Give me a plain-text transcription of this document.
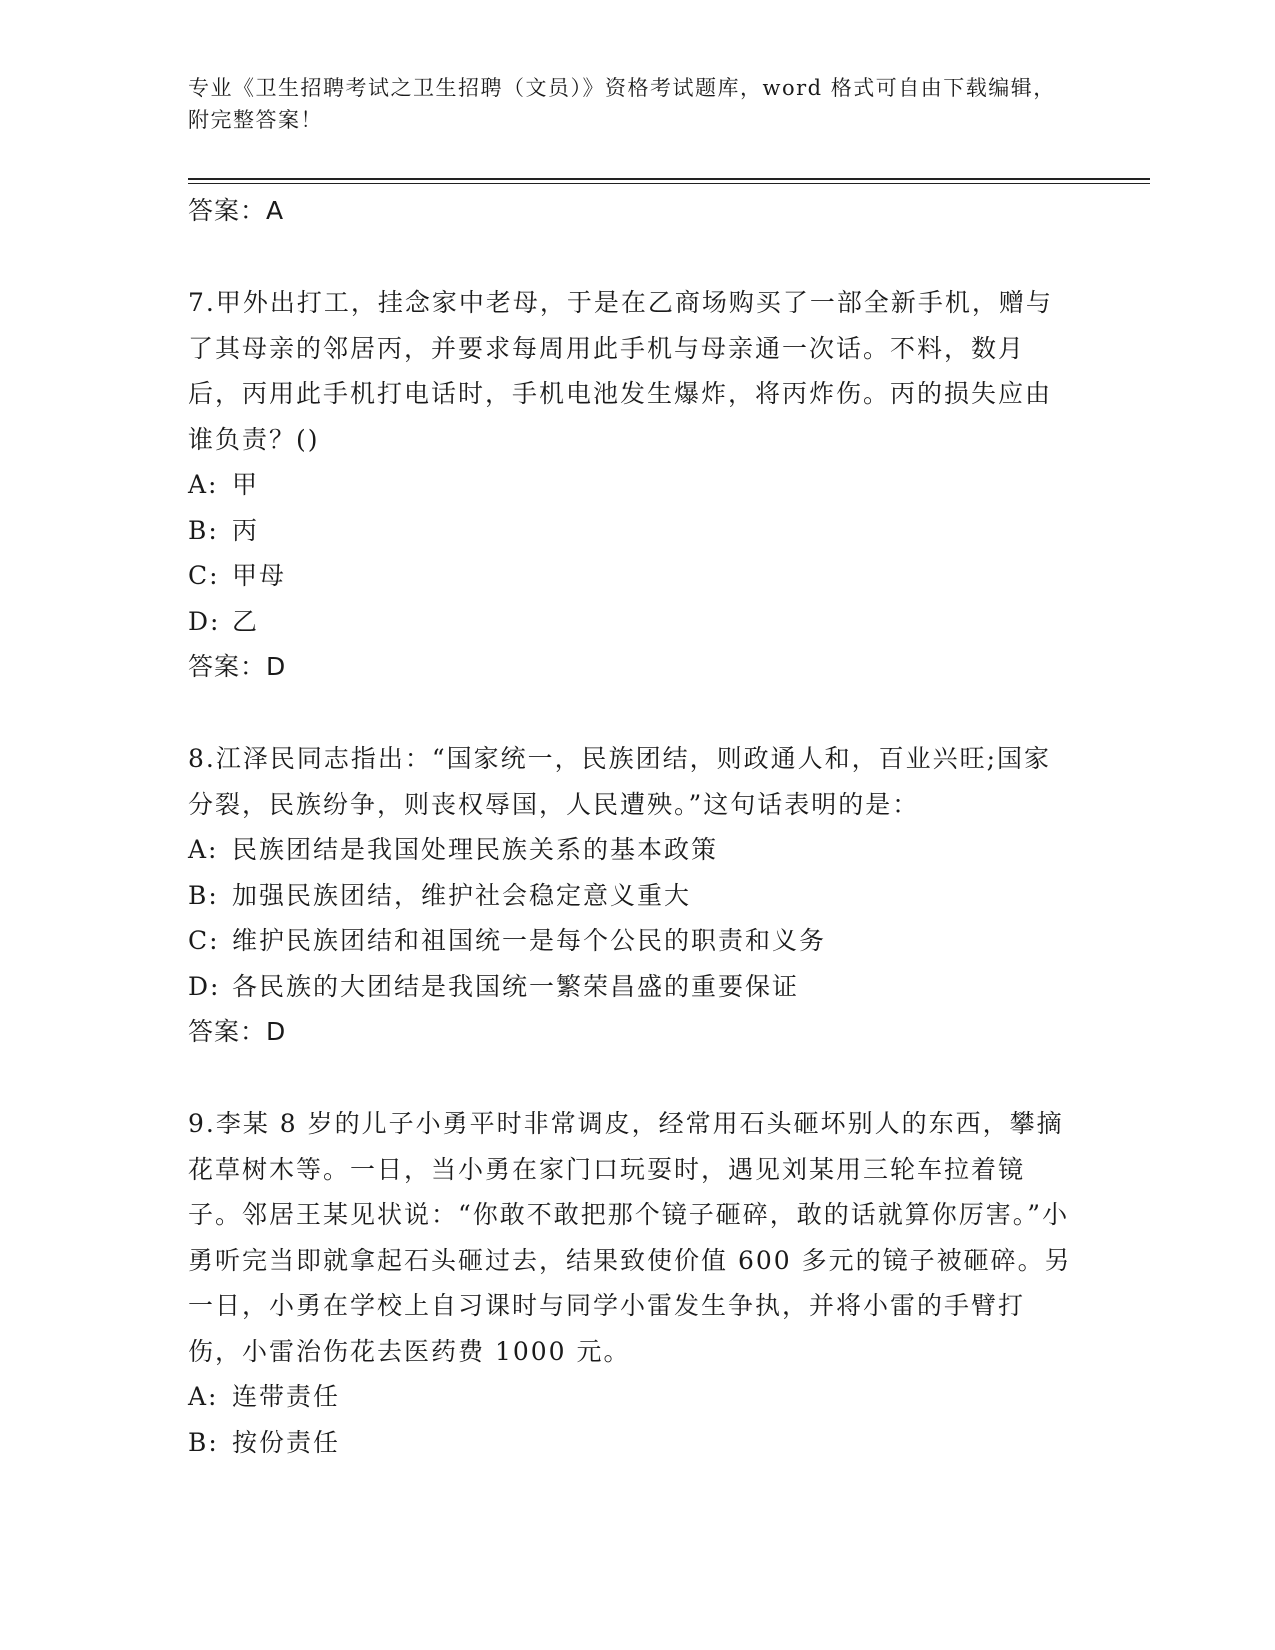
专业《卫生招聘考试之卫生招聘（文员）》资格考试题库，word 格式可自由下载编辑，附完整答案！
答案：A
7.甲外出打工，挂念家中老母，于是在乙商场购买了一部全新手机，赠与了其母亲的邻居丙，并要求每周用此手机与母亲通一次话。不料，数月后，丙用此手机打电话时，手机电池发生爆炸，将丙炸伤。丙的损失应由谁负责？()
A: 甲
B: 丙
C: 甲母
D: 乙
答案：D
8.江泽民同志指出：“国家统一，民族团结，则政通人和，百业兴旺;国家分裂，民族纷争，则丧权辱国，人民遭殃。”这句话表明的是：
A: 民族团结是我国处理民族关系的基本政策
B: 加强民族团结，维护社会稳定意义重大
C: 维护民族团结和祖国统一是每个公民的职责和义务
D: 各民族的大团结是我国统一繁荣昌盛的重要保证
答案：D
9.李某 8 岁的儿子小勇平时非常调皮，经常用石头砸坏别人的东西，攀摘花草树木等。一日，当小勇在家门口玩耍时，遇见刘某用三轮车拉着镜子。邻居王某见状说：“你敢不敢把那个镜子砸碎，敢的话就算你厉害。”小勇听完当即就拿起石头砸过去，结果致使价值 600 多元的镜子被砸碎。另一日，小勇在学校上自习课时与同学小雷发生争执，并将小雷的手臂打伤，小雷治伤花去医药费 1000 元。
A: 连带责任
B: 按份责任
